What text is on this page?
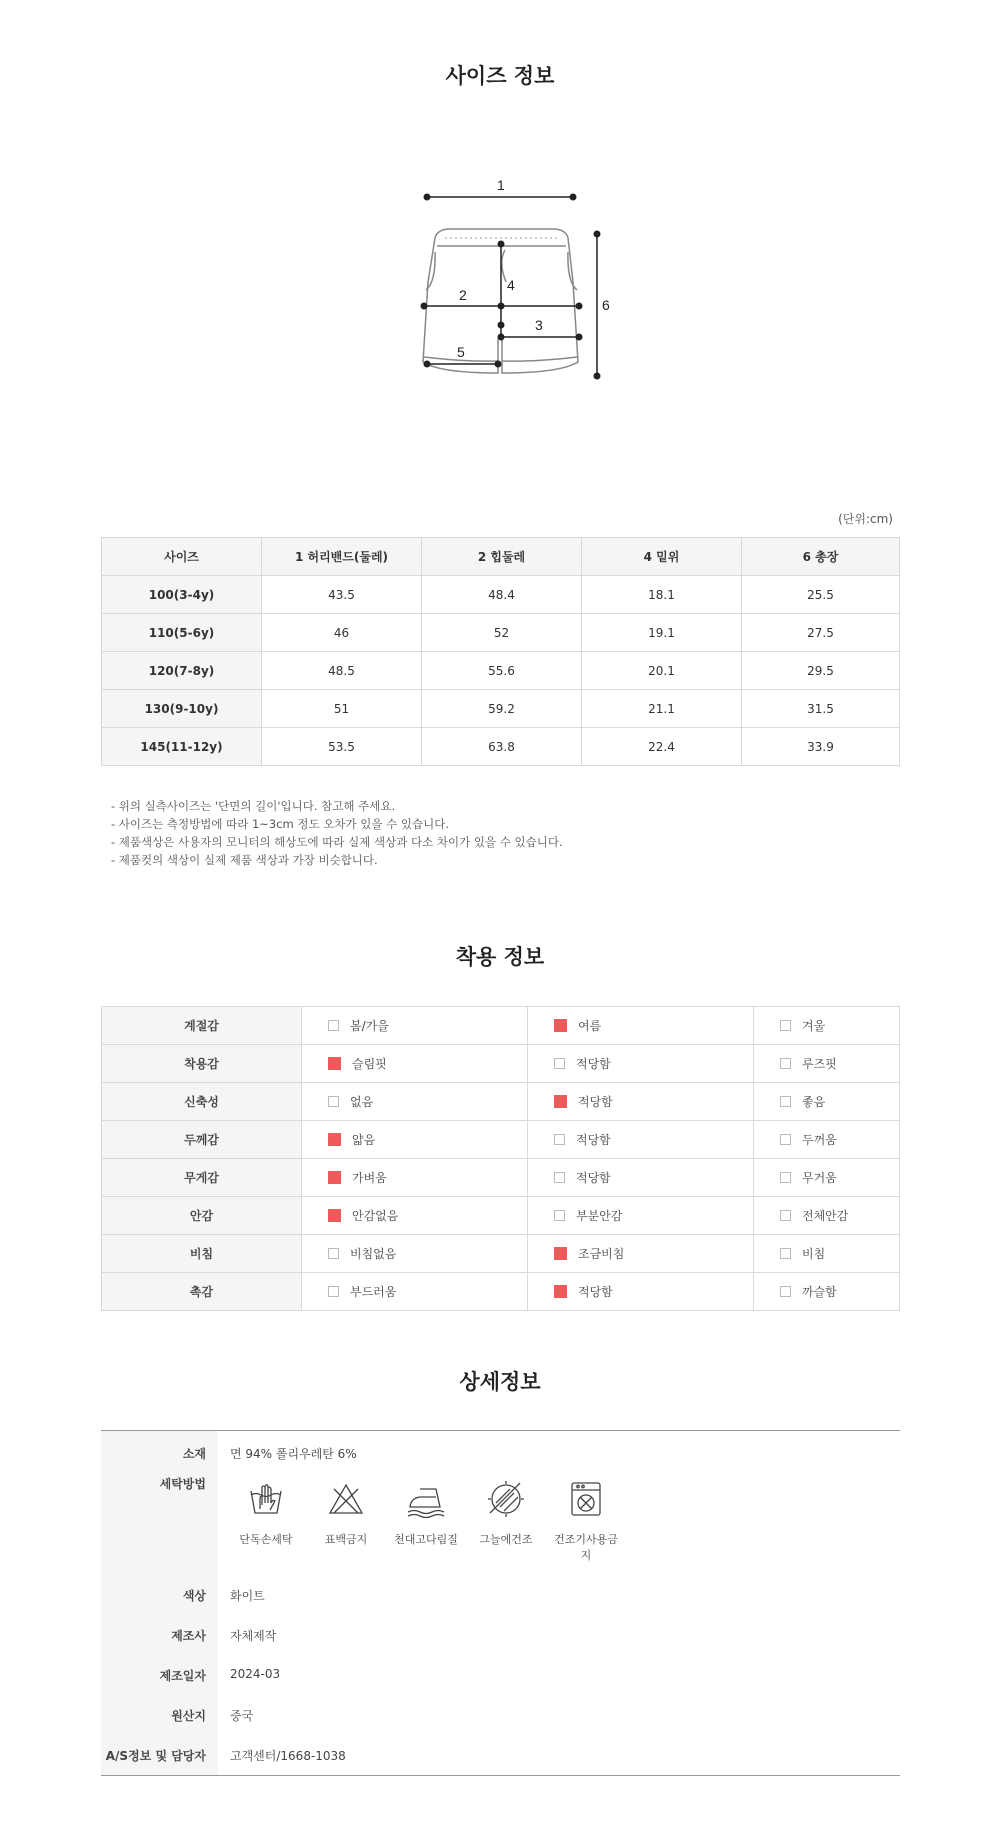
사이즈 정보
1
2
3
4
5
6
(단위:cm)
사이즈	1 허리밴드(둘레)	2 힙둘레	4 밑위	6 총장
100(3-4y)	43.5	48.4	18.1	25.5
110(5-6y)	46	52	19.1	27.5
120(7-8y)	48.5	55.6	20.1	29.5
130(9-10y)	51	59.2	21.1	31.5
145(11-12y)	53.5	63.8	22.4	33.9
- 위의 실측사이즈는 '단면의 길이'입니다. 참고해 주세요.
- 사이즈는 측정방법에 따라 1~3cm 정도 오차가 있을 수 있습니다.
- 제품색상은 사용자의 모니터의 해상도에 따라 실제 색상과 다소 차이가 있을 수 있습니다.
- 제품컷의 색상이 실제 제품 색상과 가장 비슷합니다.
착용 정보
계절감	봄/가을	여름	겨울
착용감	슬림핏	적당함	루즈핏
신축성	없음	적당함	좋음
두께감	얇음	적당함	두꺼움
무게감	가벼움	적당함	무거움
안감	안감없음	부분안감	전체안감
비침	비침없음	조금비침	비침
촉감	부드러움	적당함	까슬함
상세정보
소재	면 94% 폴리우레탄 6%
세탁방법	단독손세탁 표백금지 천대고다림질 그늘에건조 건조기사용금지

색상	화이트
제조사	자체제작
제조일자	2024-03
원산지	중국
A/S정보 및 담당자	고객센터/1668-1038
